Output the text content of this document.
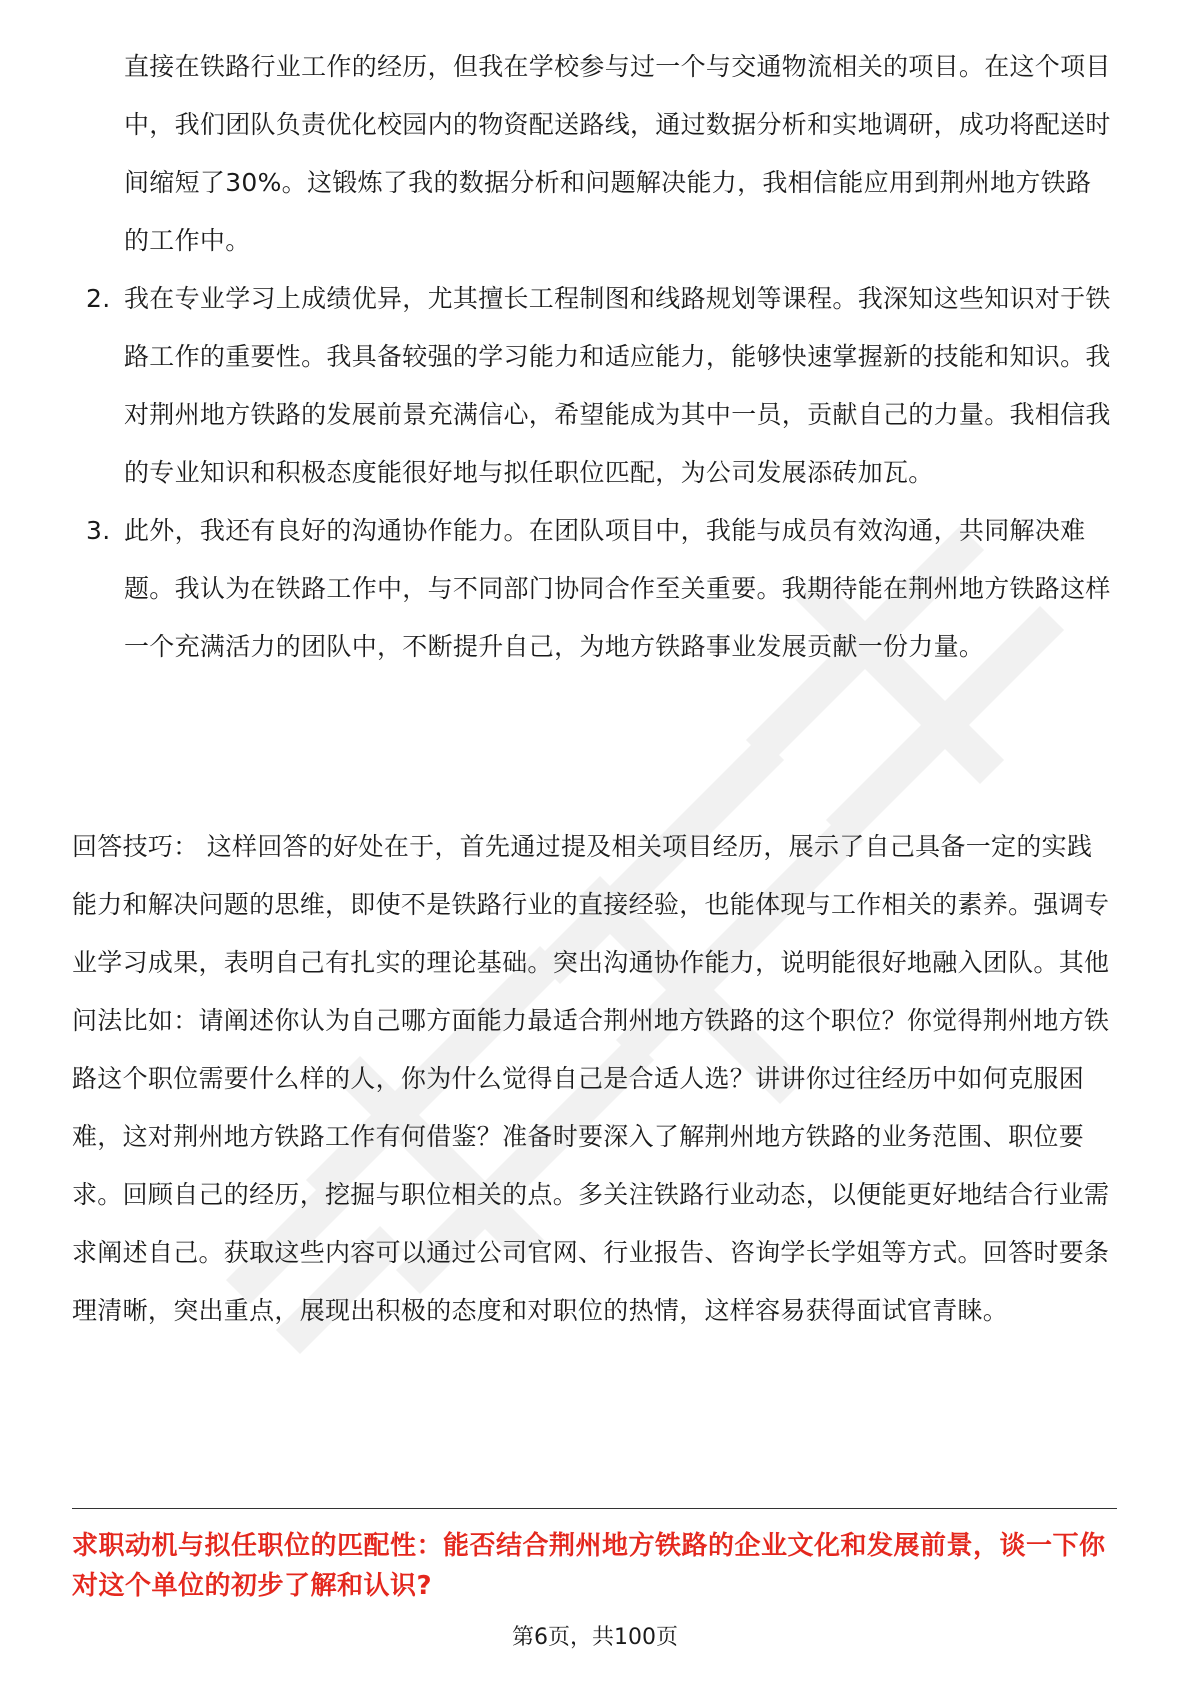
直接在铁路行业工作的经历，但我在学校参与过一个与交通物流相关的项目。在这个项目中，我们团队负责优化校园内的物资配送路线，通过数据分析和实地调研，成功将配送时间缩短了30%。这锻炼了我的数据分析和问题解决能力，我相信能应用到荆州地方铁路的工作中。
2. 我在专业学习上成绩优异，尤其擅长工程制图和线路规划等课程。我深知这些知识对于铁路工作的重要性。我具备较强的学习能力和适应能力，能够快速掌握新的技能和知识。我对荆州地方铁路的发展前景充满信心，希望能成为其中一员，贡献自己的力量。我相信我的专业知识和积极态度能很好地与拟任职位匹配，为公司发展添砖加瓦。
3. 此外，我还有良好的沟通协作能力。在团队项目中，我能与成员有效沟通，共同解决难题。我认为在铁路工作中，与不同部门协同合作至关重要。我期待能在荆州地方铁路这样一个充满活力的团队中，不断提升自己，为地方铁路事业发展贡献一份力量。

回答技巧： 这样回答的好处在于，首先通过提及相关项目经历，展示了自己具备一定的实践能力和解决问题的思维，即使不是铁路行业的直接经验，也能体现与工作相关的素养。强调专业学习成果，表明自己有扎实的理论基础。突出沟通协作能力，说明能很好地融入团队。其他问法比如：请阐述你认为自己哪方面能力最适合荆州地方铁路的这个职位？你觉得荆州地方铁路这个职位需要什么样的人，你为什么觉得自己是合适人选？讲讲你过往经历中如何克服困难，这对荆州地方铁路工作有何借鉴？准备时要深入了解荆州地方铁路的业务范围、职位要求。回顾自己的经历，挖掘与职位相关的点。多关注铁路行业动态，以便能更好地结合行业需求阐述自己。获取这些内容可以通过公司官网、行业报告、咨询学长学姐等方式。回答时要条理清晰，突出重点，展现出积极的态度和对职位的热情，这样容易获得面试官青睐。

求职动机与拟任职位的匹配性：能否结合荆州地方铁路的企业文化和发展前景，谈一下你对这个单位的初步了解和认识?

第6页，共100页
